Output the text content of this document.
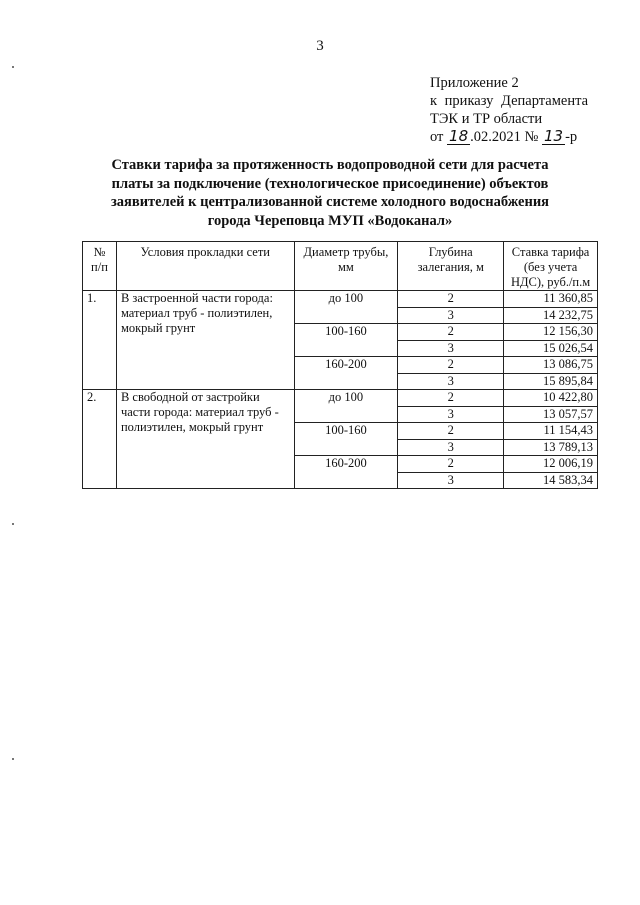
3
Приложение 2
к приказу Департамента
ТЭК и ТР области
от 18 .02.2021 № 13 -р
Ставки тарифа за протяженность водопроводной сети для расчета платы за подключение (технологическое присоединение) объектов заявителей к централизованной системе холодного водоснабжения города Череповца МУП «Водоканал»
№ п/п	Условия прокладки сети	Диаметр трубы, мм	Глубина залегания, м	Ставка тарифа (без учета НДС), руб./п.м
1.	В застроенной части города: материал труб - полиэтилен, мокрый грунт	до 100	2	11 360,85
			3	14 232,75
		100-160	2	12 156,30
			3	15 026,54
		160-200	2	13 086,75
			3	15 895,84
2.	В свободной от застройки части города: материал труб - полиэтилен, мокрый грунт	до 100	2	10 422,80
			3	13 057,57
		100-160	2	11 154,43
			3	13 789,13
		160-200	2	12 006,19
			3	14 583,34
